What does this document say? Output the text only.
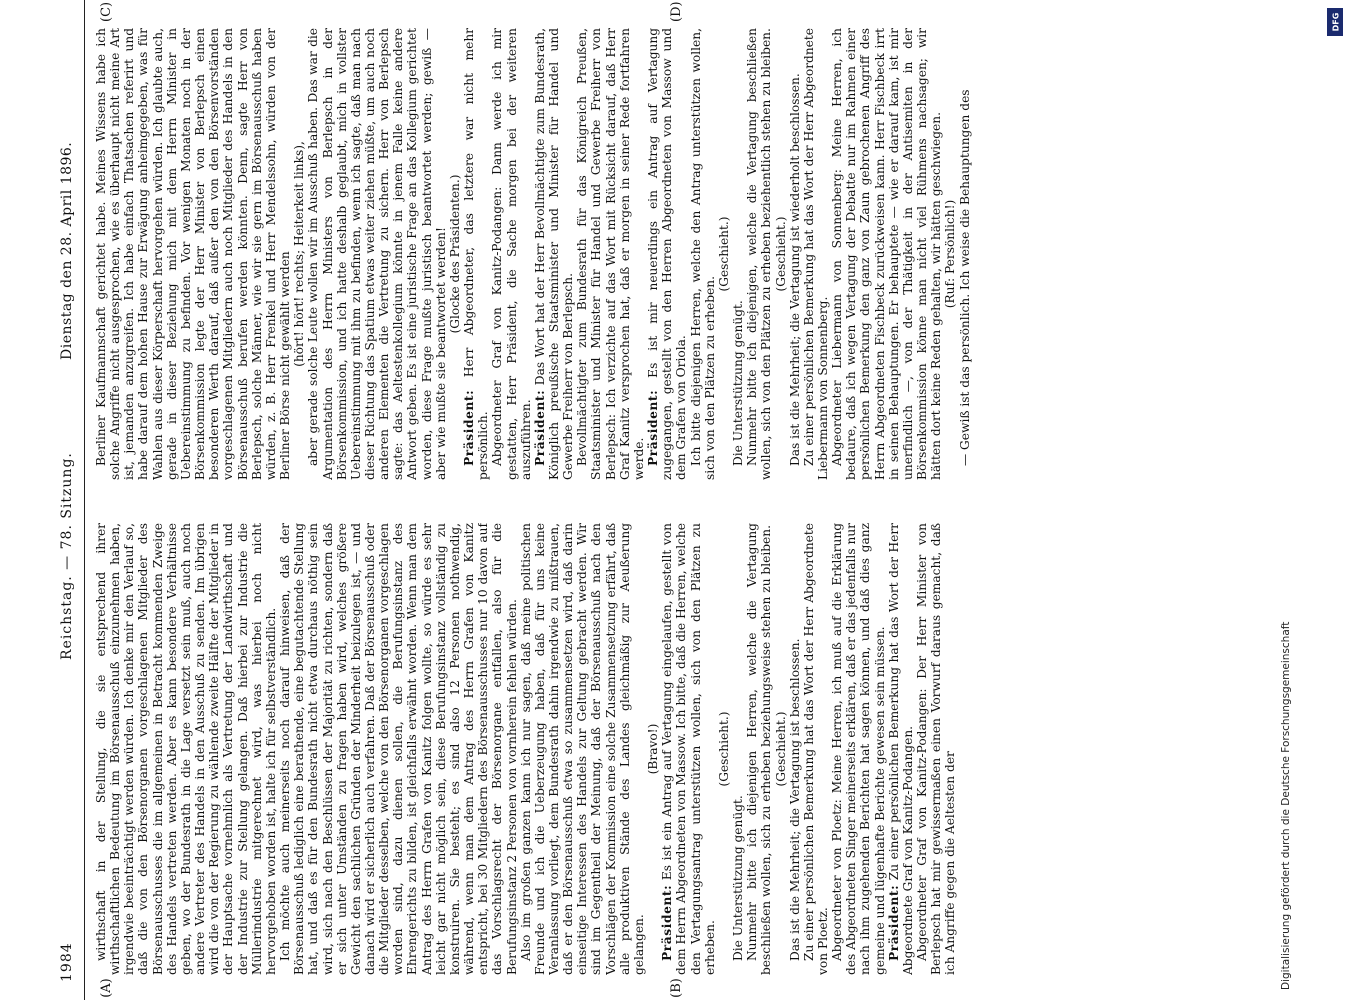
1984
Reichstag. — 78. Sitzung.
Dienstag den 28. April 1896.
(A)	(B)
(C)	(D)

wirthschaft in der Stellung, die sie entsprechend ihrer wirthschaftlichen Bedeutung im Börsenausschuß einzunehmen haben, irgendwie beeinträchtigt werden würden. Ich denke mir den Verlauf so, daß die von den Börsenorganen vorgeschlagenen Mitglieder des Börsenausschusses die im allgemeinen in Betracht kommenden Zweige des Handels vertreten werden. Aber es kann besondere Verhältnisse geben, wo der Bundesrath in die Lage versetzt sein muß, auch noch andere Vertreter des Handels in den Ausschuß zu senden. Im übrigen wird die von der Regierung zu wählende zweite Hälfte der Mitglieder in der Hauptsache vornehmlich als Vertretung der Landwirthschaft und der Industrie zur Stellung gelangen. Daß hierbei zur Industrie die Müllerindustrie mitgerechnet wird, was hierbei noch nicht hervorgehoben worden ist, halte ich für selbstverständlich. Ich möchte auch meinerseits noch darauf hinweisen, daß der Börsenausschuß lediglich eine berathende, eine begutachtende Stellung hat, und daß es für den Bundesrath nicht etwa durchaus nöthig sein wird, sich nach den Beschlüssen der Majorität zu richten, sondern daß er sich unter Umständen zu fragen haben wird, welches größere Gewicht den sachlichen Gründen der Minderheit beizulegen ist, — und danach wird er sicherlich auch verfahren. Daß der Börsenausschuß oder die Mitglieder desselben, welche von den Börsenorganen vorgeschlagen worden sind, dazu dienen sollen, die Berufungsinstanz des Ehrengerichts zu bilden, ist gleichfalls erwähnt worden. Wenn man dem Antrag des Herrn Grafen von Kanitz folgen wollte, so würde es sehr leicht gar nicht möglich sein, diese Berufungsinstanz vollständig zu konstruiren. Sie besteht; es sind also 12 Personen nothwendig, während, wenn man dem Antrag des Herrn Grafen von Kanitz entspricht, bei 30 Mitgliedern des Börsenausschusses nur 10 davon auf das Vorschlagsrecht der Börsenorgane entfallen, also für die Berufungsinstanz 2 Personen von vornherein fehlen würden. Also im großen ganzen kann ich nur sagen, daß meine politischen Freunde und ich die Ueberzeugung haben, daß für uns keine Veranlassung vorliegt, dem Bundesrath dahin irgendwie zu mißtrauen, daß er den Börsenausschuß etwa so zusammensetzen wird, daß darin einseitige Interessen des Handels zur Geltung gebracht werden. Wir sind im Gegentheil der Meinung, daß der Börsenausschuß nach den Vorschlägen der Kommission eine solche Zusammensetzung erfährt, daß alle produktiven Stände des Landes gleichmäßig zur Aeußerung gelangen.

(Bravo!)

Präsident: Es ist ein Antrag auf Vertagung eingelaufen, gestellt von dem Herrn Abgeordneten von Massow. Ich bitte, daß die Herren, welche den Vertagungsantrag unterstützen wollen, sich von den Plätzen zu erheben.

(Geschieht.)

Die Unterstützung genügt. Nunmehr bitte ich diejenigen Herren, welche die Vertagung beschließen wollen, sich zu erheben beziehungsweise stehen zu bleiben. (Geschieht.) Das ist die Mehrheit; die Vertagung ist beschlossen. Zu einer persönlichen Bemerkung hat das Wort der Herr Abgeordnete von Ploetz. Abgeordneter von Ploetz: Meine Herren, ich muß auf die Erklärung des Abgeordneten Singer meinerseits erklären, daß er das jedenfalls nur nach ihm zugehenden Berichten hat sagen können, und daß dies ganz gemeine und lügenhafte Berichte gewesen sein müssen. Präsident: Zu einer persönlichen Bemerkung hat das Wort der Herr Abgeordnete Graf von Kanitz-Podangen. Abgeordneter Graf von Kanitz-Podangen: Der Herr Minister von Berlepsch hat mir gewissermaßen einen Vorwurf daraus gemacht, daß ich Angriffe gegen die Aeltesten der

Berliner Kaufmannschaft gerichtet habe. Meines Wissens habe ich solche Angriffe nicht ausgesprochen, wie es überhaupt nicht meine Art ist, jemanden anzugreifen. Ich habe einfach Thatsachen referirt und habe darauf dem hohen Hause zur Erwägung anheimgegeben, was für Wahlen aus dieser Körperschaft hervorgehen würden. Ich glaubte auch, gerade in dieser Beziehung mich mit dem Herrn Minister in Uebereinstimmung zu befinden. Vor wenigen Monaten noch in der Börsenkommission legte der Herr Minister von Berlepsch einen besonderen Werth darauf, daß außer den von den Börsenvorständen vorgeschlagenen Mitgliedern auch noch Mitglieder des Handels in den Börsenausschuß berufen werden könnten. Denn, sagte Herr von Berlepsch, solche Männer, wie wir sie gern im Börsenausschuß haben würden, z. B. Herr Frenkel und Herr Mendelssohn, würden von der Berliner Börse nicht gewählt werden (hört! hört! rechts; Heiterkeit links), aber gerade solche Leute wollen wir im Ausschuß haben. Das war die Argumentation des Herrn Ministers von Berlepsch in der Börsenkommission, und ich hatte deshalb geglaubt, mich in vollster Uebereinstimmung mit ihm zu befinden, wenn ich sagte, daß man nach dieser Richtung das Spatium etwas weiter ziehen müßte, um auch noch anderen Elementen die Vertretung zu sichern. Herr von Berlepsch sagte: das Aeltestenkollegium könnte in jenem Falle keine andere Antwort geben. Es ist eine juristische Frage an das Kollegium gerichtet worden, diese Frage mußte juristisch beantwortet werden; gewiß — aber wie mußte sie beantwortet werden! (Glocke des Präsidenten.)

Präsident: Herr Abgeordneter, das letztere war nicht mehr persönlich. Abgeordneter Graf von Kanitz-Podangen: Dann werde ich mir gestatten, Herr Präsident, die Sache morgen bei der weiteren auszuführen. Präsident: Das Wort hat der Herr Bevollmächtigte zum Bundesrath, Königlich preußische Staatsminister und Minister für Handel und Gewerbe Freiherr von Berlepsch. Bevollmächtigter zum Bundesrath für das Königreich Preußen, Staatsminister und Minister für Handel und Gewerbe Freiherr von Berlepsch: Ich verzichte auf das Wort mit Rücksicht darauf, daß Herr Graf Kanitz versprochen hat, daß er morgen in seiner Rede fortfahren werde. Präsident: Es ist mir neuerdings ein Antrag auf Vertagung zugegangen, gestellt von den Herren Abgeordneten von Massow und dem Grafen von Oriola. Ich bitte diejenigen Herren, welche den Antrag unterstützen wollen, sich von den Plätzen zu erheben.

(Geschieht.)

Die Unterstützung genügt. Nunmehr bitte ich diejenigen, welche die Vertagung beschließen wollen, sich von den Plätzen zu erheben beziehentlich stehen zu bleiben. (Geschieht.) Das ist die Mehrheit; die Vertagung ist wiederholt beschlossen. Zu einer persönlichen Bemerkung hat das Wort der Herr Abgeordnete Liebermann von Sonnenberg. Abgeordneter Liebermann von Sonnenberg: Meine Herren, ich bedaure, daß ich wegen Vertagung der Debatte nur im Rahmen einer persönlichen Bemerkung den ganz von Zaun gebrochenen Angriff des Herrn Abgeordneten Fischbeck zurückweisen kann. Herr Fischbeck irrt in seinen Behauptungen. Er behauptete — wie er darauf kam, ist mir unerfindlich —, von der Thätigkeit in der Antisemiten in der Börsenkommission könne man nicht viel Rühmens nachsagen; wir hätten dort keine Reden gehalten, wir hätten geschwiegen. (Ruf: Persönlich!) — Gewiß ist das persönlich. Ich weise die Behauptungen des

DFG
Digitalisierung gefördert durch die Deutsche Forschungsgemeinschaft
